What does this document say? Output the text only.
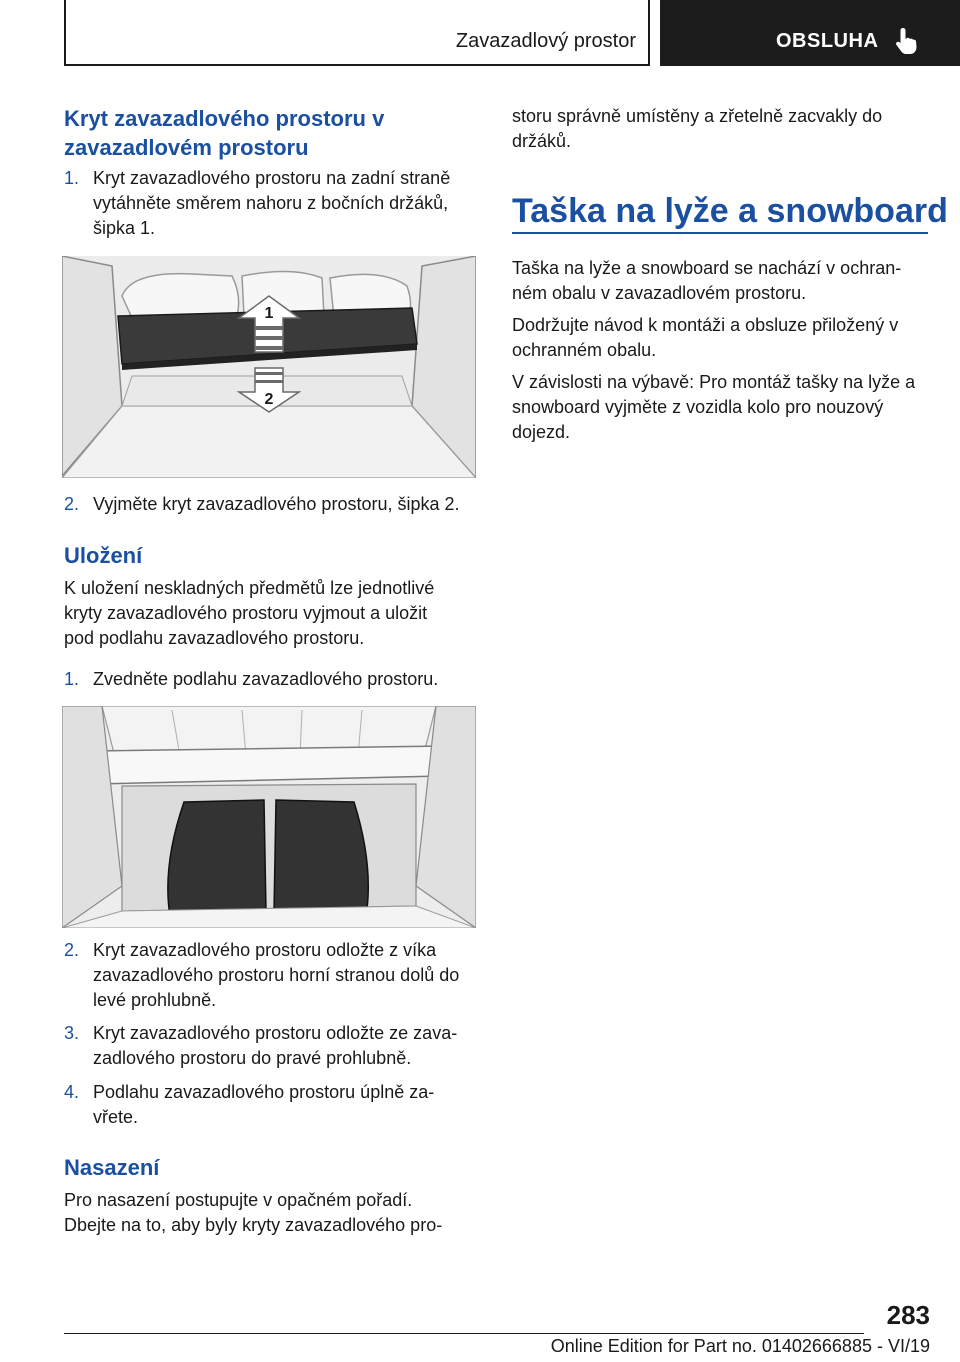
Zavazadlový prostor	OBSLUHA
Kryt zavazadlového prostoru v
zavazadlovém prostoru
1. Kryt zavazadlového prostoru na zadní straně
vytáhněte směrem nahoru z bočních držáků,
šipka 1.
1
2
2. Vyjměte kryt zavazadlového prostoru, šipka 2.
Uložení
K uložení neskladných předmětů lze jednotlivé
kryty zavazadlového prostoru vyjmout a uložit
pod podlahu zavazadlového prostoru.
1. Zvedněte podlahu zavazadlového prostoru.
2. Kryt zavazadlového prostoru odložte z víka
zavazadlového prostoru horní stranou dolů do
levé prohlubně.
3. Kryt zavazadlového prostoru odložte ze zava‐
zadlového prostoru do pravé prohlubně.
4. Podlahu zavazadlového prostoru úplně za‐
vřete.
Nasazení
Pro nasazení postupujte v opačném pořadí.
Dbejte na to, aby byly kryty zavazadlového pro‐
storu správně umístěny a zřetelně zacvakly do
držáků.
Taška na lyže a snowboard
Taška na lyže a snowboard se nachází v ochran‐
ném obalu v zavazadlovém prostoru.
Dodržujte návod k montáži a obsluze přiložený v
ochranném obalu.
V závislosti na výbavě: Pro montáž tašky na lyže a
snowboard vyjměte z vozidla kolo pro nouzový
dojezd.
283
Online Edition for Part no. 01402666885 - VI/19
